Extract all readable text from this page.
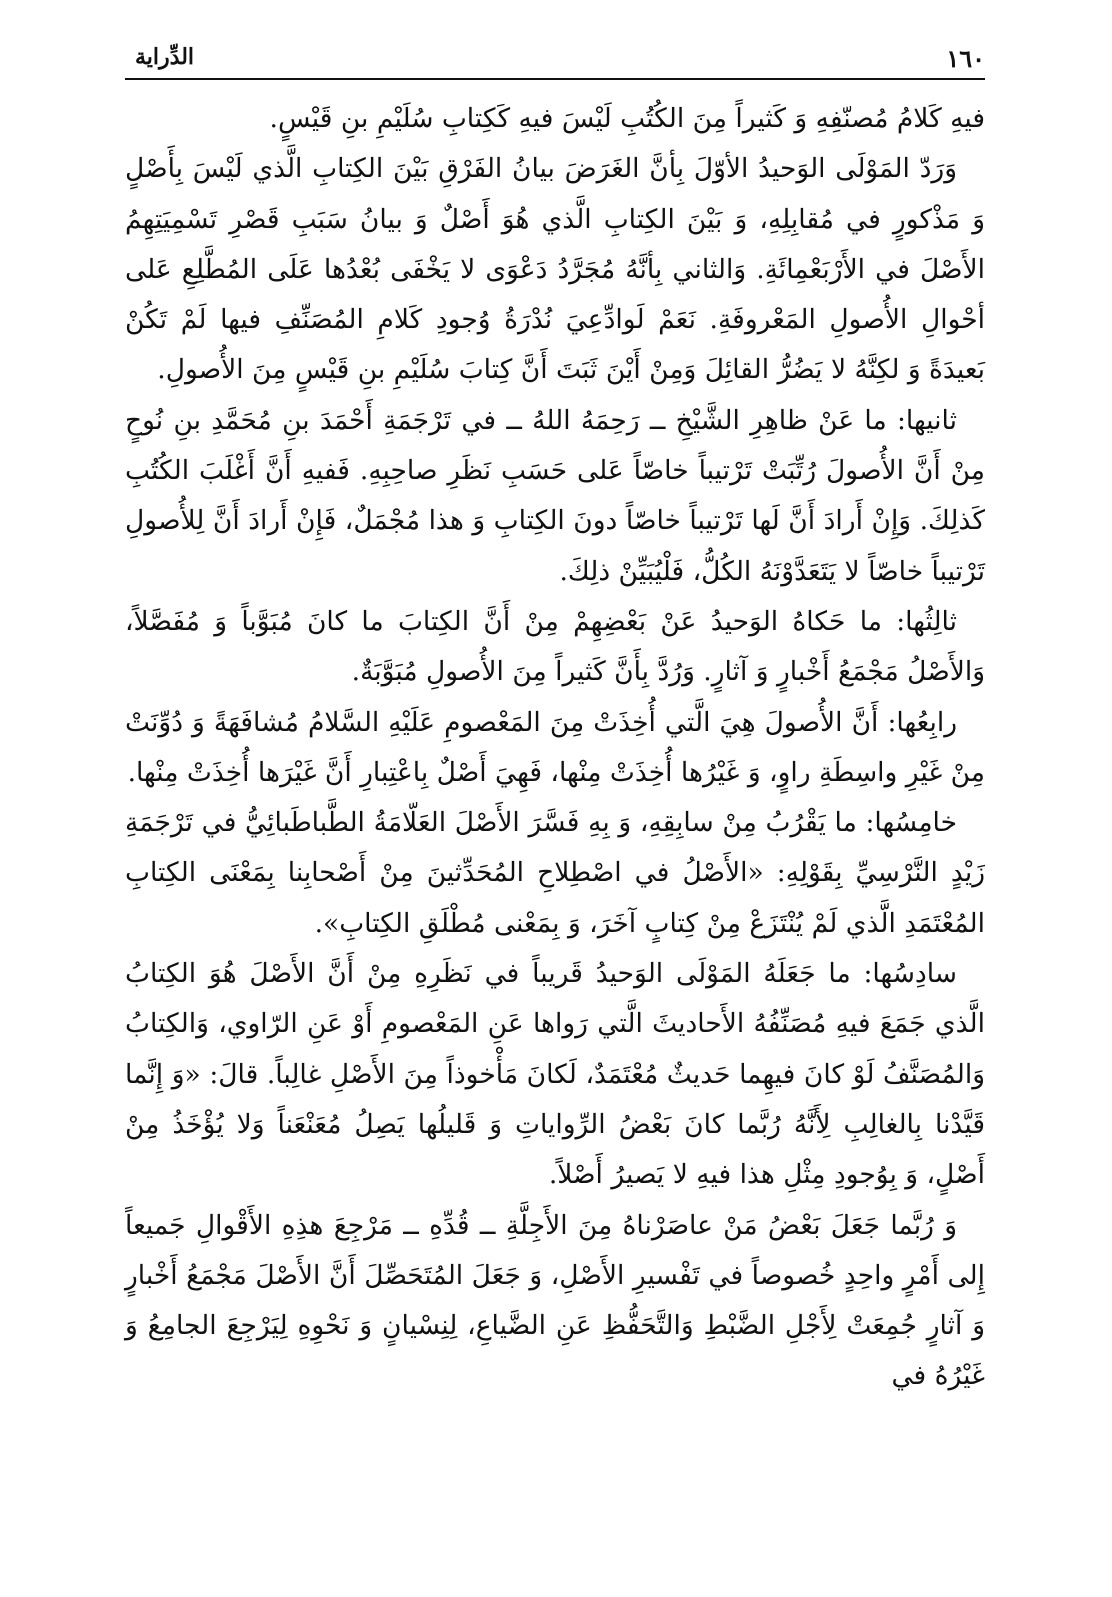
١٦٠
الدِّراية

فيهِ كَلامُ مُصنّفِهِ وَ كَثيراً مِنَ الكُتُبِ لَيْسَ فيهِ كَكِتابِ سُلَيْمِ بنِ قَيْسٍ.

وَرَدّ المَوْلَى الوَحيدُ الأوّلَ بِأنَّ الغَرَضَ بيانُ الفَرْقِ بَيْنَ الكِتابِ الَّذي لَيْسَ بِأَصْلٍ وَ مَذْكورٍ في مُقابِلِهِ، وَ بَيْنَ الكِتابِ الَّذي هُوَ أَصْلٌ وَ بيانُ سَبَبِ قَصْرِ تَسْمِيَتِهِمُ الأَصْلَ في الأَرْبَعْمِائَةِ. وَالثاني بِأنَّهُ مُجَرَّدُ دَعْوَى لا يَخْفَى بُعْدُها عَلَى المُطَّلِعِ عَلى أحْوالِ الأُصولِ المَعْروفَةِ. نَعَمْ لَوادِّعِيَ نُدْرَةُ وُجودِ كَلامِ المُصَنِّفِ فيها لَمْ تَكُنْ بَعيدَةً وَ لكِنَّهُ لا يَضُرُّ القائِلَ وَمِنْ أَيْنَ ثَبَتَ أَنَّ كِتابَ سُلَيْمِ بنِ قَيْسٍ مِنَ الأُصولِ.

ثانيها: ما عَنْ ظاهِرِ الشَّيْخِ ــ رَحِمَهُ اللهُ ــ في تَرْجَمَةِ أَحْمَدَ بنِ مُحَمَّدِ بنِ نُوحٍ مِنْ أَنَّ الأُصولَ رُتِّبَتْ تَرْتيباً خاصّاً عَلى حَسَبِ نَظَرِ صاحِبِهِ. فَفيهِ أَنَّ أَغْلَبَ الكُتُبِ كَذلِكَ. وَإِنْ أَرادَ أَنَّ لَها تَرْتيباً خاصّاً دونَ الكِتابِ وَ هذا مُجْمَلٌ، فَإِنْ أَرادَ أَنَّ لِلأُصولِ تَرْتيباً خاصّاً لا يَتَعَدَّوْنَهُ الكُلُّ، فَلْيُبَيِّنْ ذلِكَ.

ثالِثُها: ما حَكاهُ الوَحيدُ عَنْ بَعْضِهِمْ مِنْ أَنَّ الكِتابَ ما كانَ مُبَوَّباً وَ مُفَصَّلاً، وَالأَصْلُ مَجْمَعُ أَخْبارٍ وَ آثارٍ. وَرُدَّ بِأَنَّ كَثيراً مِنَ الأُصولِ مُبَوَّبَةٌ.

رابِعُها: أَنَّ الأُصولَ هِيَ الَّتي أُخِذَتْ مِنَ المَعْصومِ عَلَيْهِ السَّلامُ مُشافَهَةً وَ دُوِّنَتْ مِنْ غَيْرِ واسِطَةِ راوٍ، وَ غَيْرُها أُخِذَتْ مِنْها، فَهِيَ أَصْلٌ بِاعْتِبارِ أَنَّ غَيْرَها أُخِذَتْ مِنْها.

خامِسُها: ما يَقْرُبُ مِنْ سابِقِهِ، وَ بِهِ فَسَّرَ الأَصْلَ العَلّامَةُ الطَّباطَبائِيُّ في تَرْجَمَةِ زَيْدٍ النَّرْسِيِّ بِقَوْلِهِ: «الأَصْلُ في اصْطِلاحِ المُحَدِّثينَ مِنْ أَصْحابِنا بِمَعْنَى الكِتابِ المُعْتَمَدِ الَّذي لَمْ يُنْتَزَعْ مِنْ كِتابٍ آخَرَ، وَ بِمَعْنى مُطْلَقِ الكِتابِ».

سادِسُها: ما جَعَلَهُ المَوْلَى الوَحيدُ قَريباً في نَظَرِهِ مِنْ أَنَّ الأَصْلَ هُوَ الكِتابُ الَّذي جَمَعَ فيهِ مُصَنِّفُهُ الأَحاديثَ الَّتي رَواها عَنِ المَعْصومِ أَوْ عَنِ الرّاوي، وَالكِتابُ وَالمُصَنَّفُ لَوْ كانَ فيهِما حَديثٌ مُعْتَمَدٌ، لَكانَ مَأْخوذاً مِنَ الأَصْلِ غالِباً. قالَ: «وَ إِنَّما قَيَّدْنا بِالغالِبِ لِأَنَّهُ رُبَّما كانَ بَعْضُ الرِّواياتِ وَ قَليلُها يَصِلُ مُعَنْعَناً وَلا يُؤْخَذُ مِنْ أَصْلٍ، وَ بِوُجودِ مِثْلِ هذا فيهِ لا يَصيرُ أَصْلاً.

وَ رُبَّما جَعَلَ بَعْضُ مَنْ عاصَرْناهُ مِنَ الأَجِلَّةِ ــ قُدِّهِ ــ مَرْجِعَ هذِهِ الأَقْوالِ جَميعاً إِلى أَمْرٍ واحِدٍ خُصوصاً في تَفْسيرِ الأَصْلِ، وَ جَعَلَ المُتَحَصِّلَ أَنَّ الأَصْلَ مَجْمَعُ أَخْبارٍ وَ آثارٍ جُمِعَتْ لِأَجْلِ الضَّبْطِ وَالتَّحَفُّظِ عَنِ الضَّياعِ، لِنِسْيانٍ وَ نَحْوِهِ لِيَرْجِعَ الجامِعُ وَ غَيْرُهُ في
